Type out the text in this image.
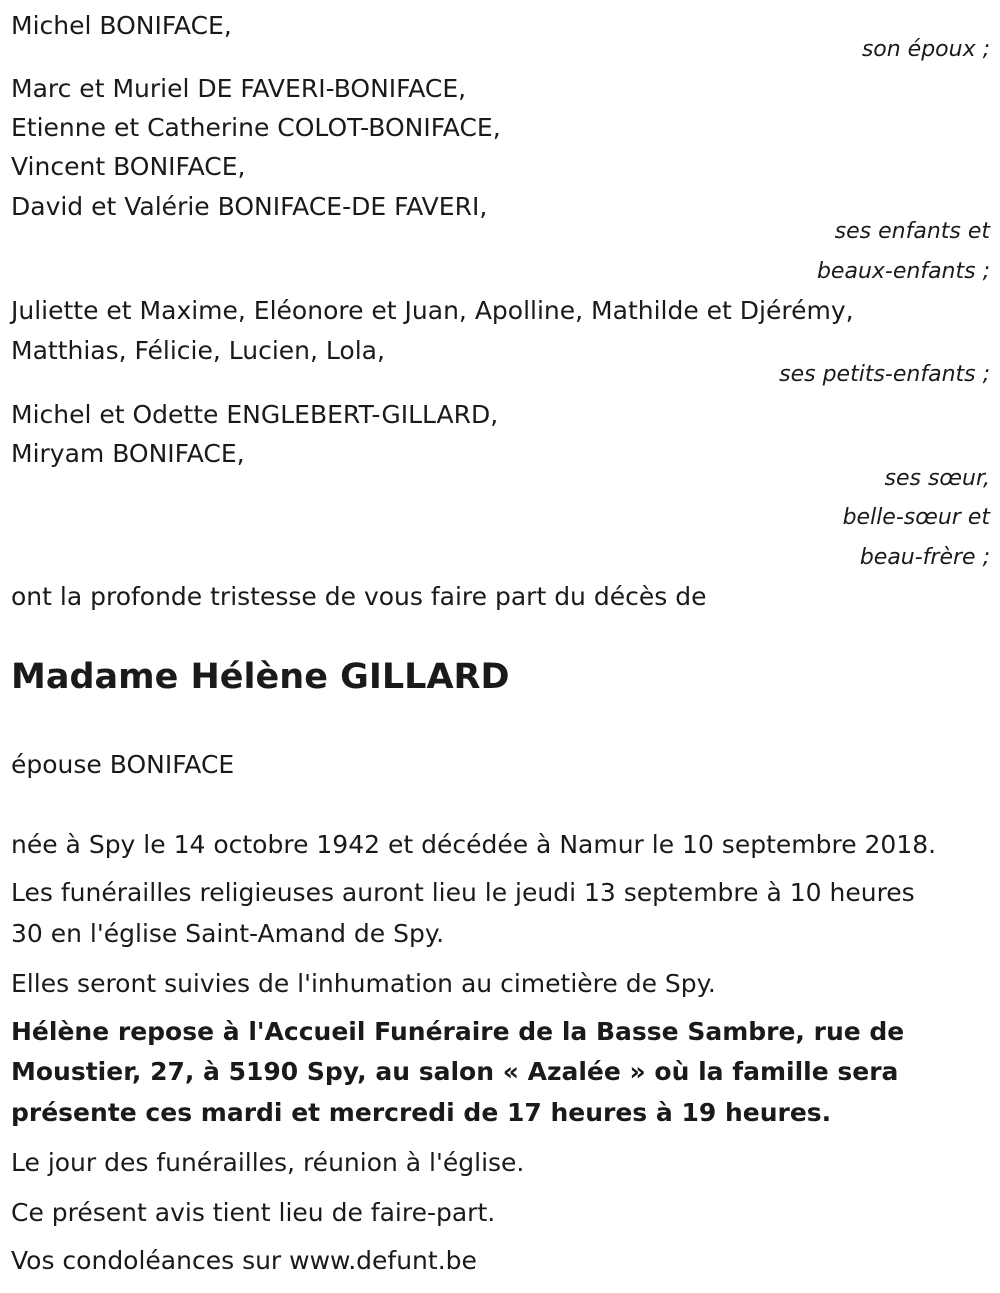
Michel BONIFACE,
son époux ;
Marc et Muriel DE FAVERI-BONIFACE,
Etienne et Catherine COLOT-BONIFACE,
Vincent BONIFACE,
David et Valérie BONIFACE-DE FAVERI,
ses enfants et
beaux-enfants ;
Juliette et Maxime, Eléonore et Juan, Apolline, Mathilde et Djérémy,
Matthias, Félicie, Lucien, Lola,
ses petits-enfants ;
Michel et Odette ENGLEBERT-GILLARD,
Miryam BONIFACE,
ses sœur,
belle-sœur et
beau-frère ;
ont la profonde tristesse de vous faire part du décès de
Madame Hélène GILLARD
épouse BONIFACE
née à Spy le 14 octobre 1942 et décédée à Namur le 10 septembre 2018.
Les funérailles religieuses auront lieu le jeudi 13 septembre à 10 heures
30 en l'église Saint-Amand de Spy.
Elles seront suivies de l'inhumation au cimetière de Spy.
Hélène repose à l'Accueil Funéraire de la Basse Sambre, rue de
Moustier, 27, à 5190 Spy, au salon « Azalée » où la famille sera
présente ces mardi et mercredi de 17 heures à 19 heures.
Le jour des funérailles, réunion à l'église.
Ce présent avis tient lieu de faire-part.
Vos condoléances sur www.defunt.be
